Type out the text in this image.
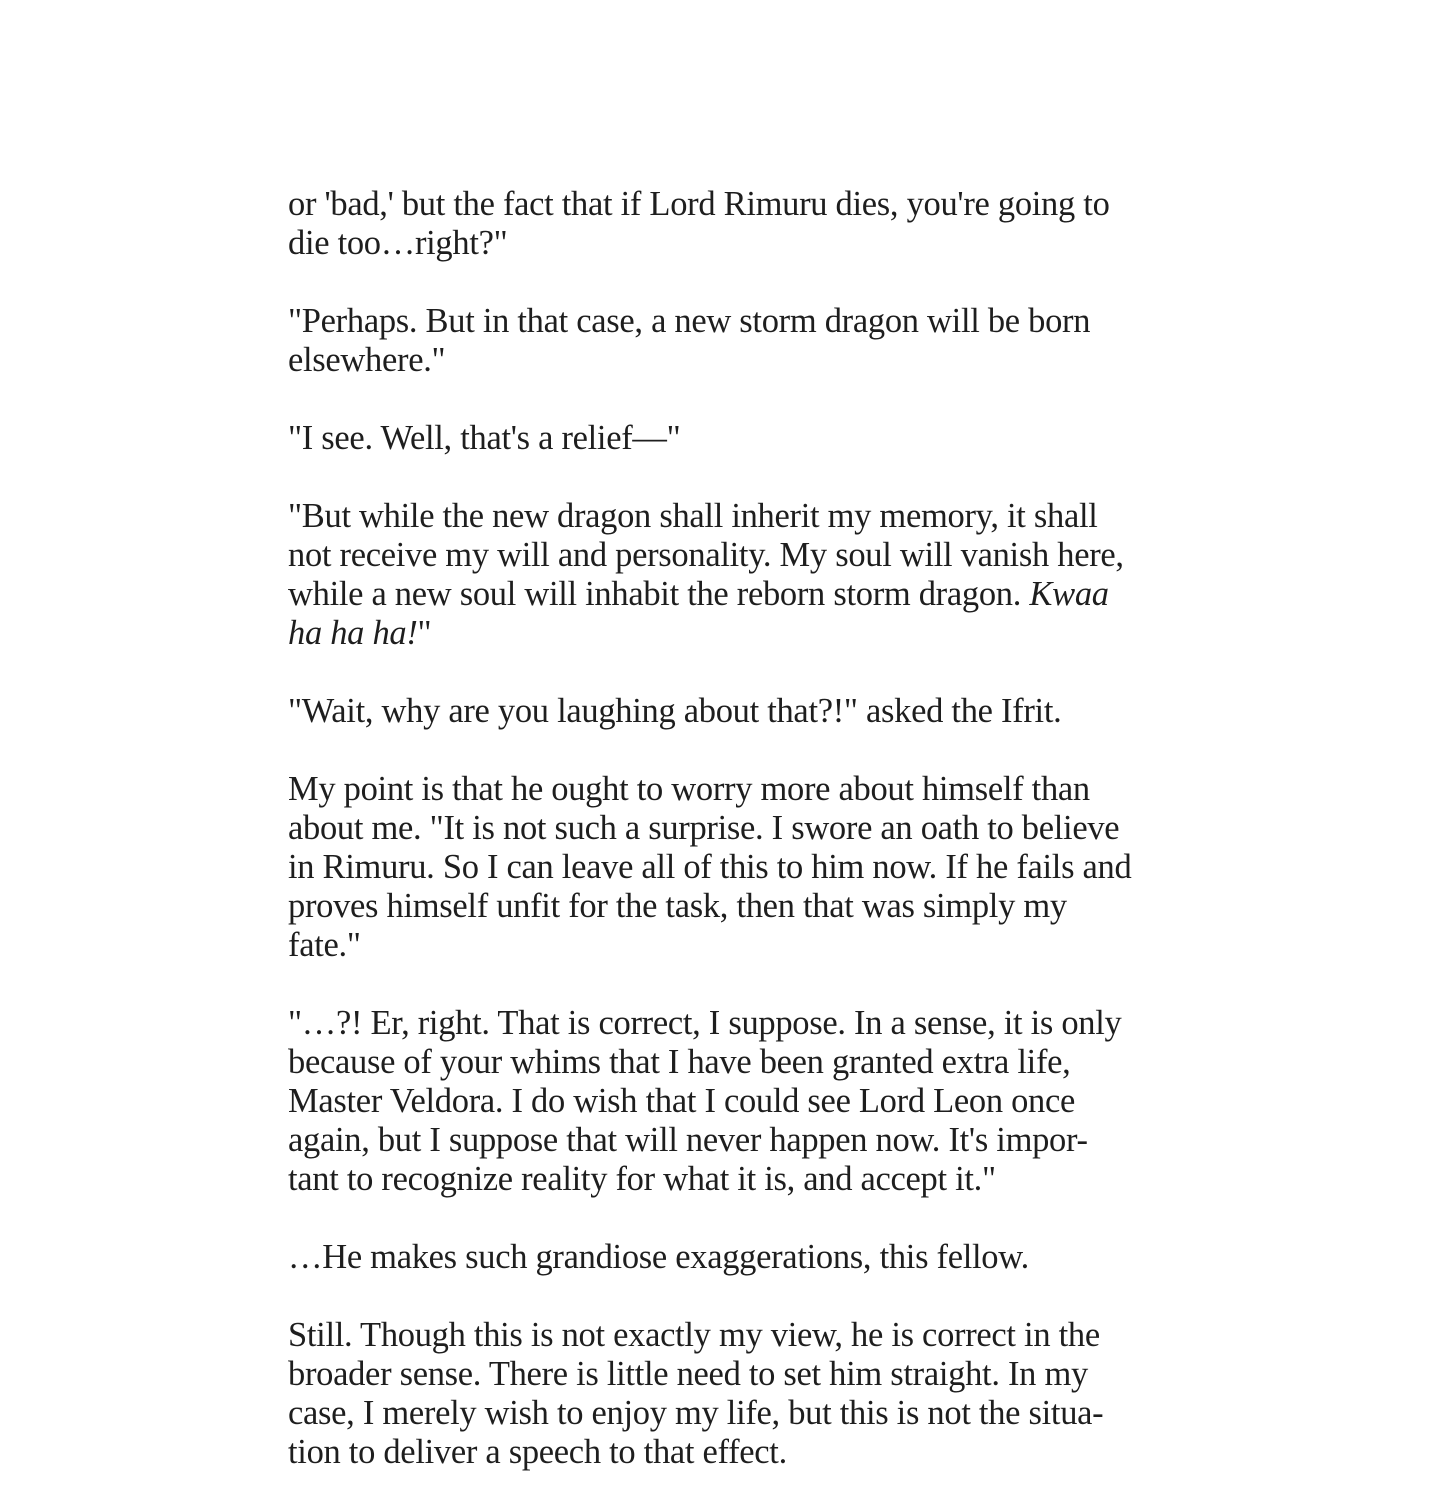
or 'bad,' but the fact that if Lord Rimuru dies, you're going to
die too…right?"

"Perhaps. But in that case, a new storm dragon will be born
elsewhere."

"I see. Well, that's a relief—"

"But while the new dragon shall inherit my memory, it shall
not receive my will and personality. My soul will vanish here,
while a new soul will inhabit the reborn storm dragon. Kwaa
ha ha ha!"

"Wait, why are you laughing about that?!" asked the Ifrit.

My point is that he ought to worry more about himself than
about me. "It is not such a surprise. I swore an oath to believe
in Rimuru. So I can leave all of this to him now. If he fails and
proves himself unfit for the task, then that was simply my
fate."

"…?! Er, right. That is correct, I suppose. In a sense, it is only
because of your whims that I have been granted extra life,
Master Veldora. I do wish that I could see Lord Leon once
again, but I suppose that will never happen now. It's impor-
tant to recognize reality for what it is, and accept it."

…He makes such grandiose exaggerations, this fellow.

Still. Though this is not exactly my view, he is correct in the
broader sense. There is little need to set him straight. In my
case, I merely wish to enjoy my life, but this is not the situa-
tion to deliver a speech to that effect.
